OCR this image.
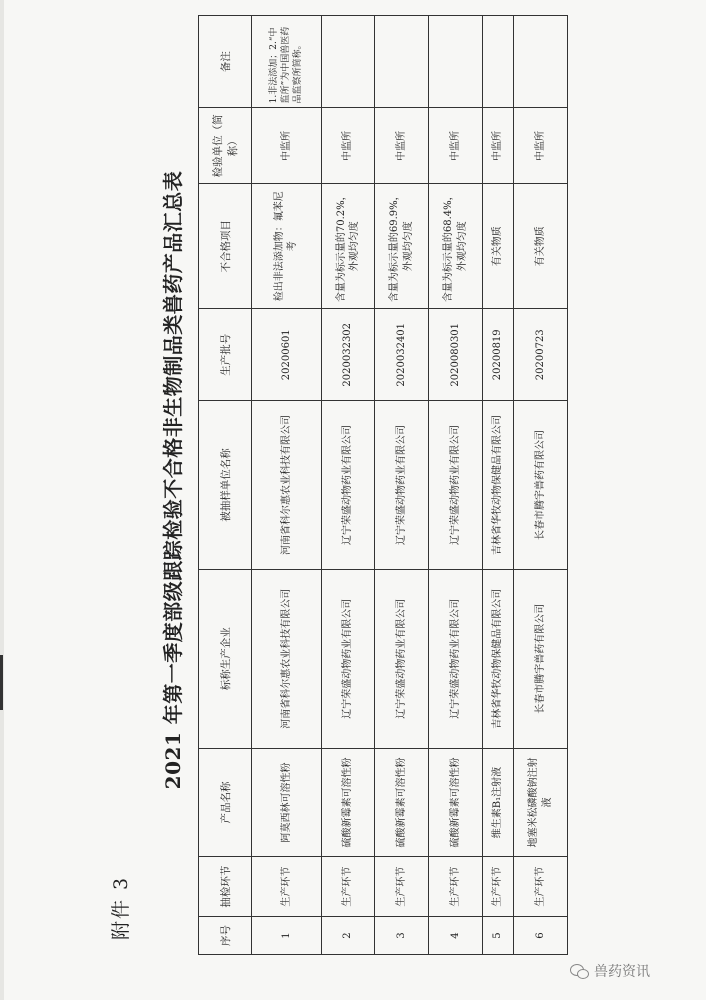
附件 3
2021 年第一季度部级跟踪检验不合格非生物制品类兽药产品汇总表
序号	抽检环节	产品名称	标称生产企业	被抽样单位名称	生产批号	不合格项目	检验单位（简称）	备注
1	生产环节	阿莫西林可溶性粉	河南省科尔惠农业科技有限公司	河南省科尔惠农业科技有限公司	20200601	检出非法添加物：氟苯尼考	中监所	1.非法添加；2.“中监所”为中国兽医药品监察所简称。
2	生产环节	硫酸新霉素可溶性粉	辽宁荣盛动物药业有限公司	辽宁荣盛动物药业有限公司	2020032302	含量为标示量的70.2%，外观均匀度	中监所	
3	生产环节	硫酸新霉素可溶性粉	辽宁荣盛动物药业有限公司	辽宁荣盛动物药业有限公司	2020032401	含量为标示量的69.9%，外观均匀度	中监所	
4	生产环节	硫酸新霉素可溶性粉	辽宁荣盛动物药业有限公司	辽宁荣盛动物药业有限公司	2020080301	含量为标示量的68.4%，外观均匀度	中监所	
5	生产环节	维生素B₁注射液	吉林省华牧动物保健品有限公司	吉林省华牧动物保健品有限公司	20200819	有关物质	中监所	
6	生产环节	地塞米松磷酸钠注射液	长春市腾宇兽药有限公司	长春市腾宇兽药有限公司	20200723	有关物质	中监所	
兽药资讯
